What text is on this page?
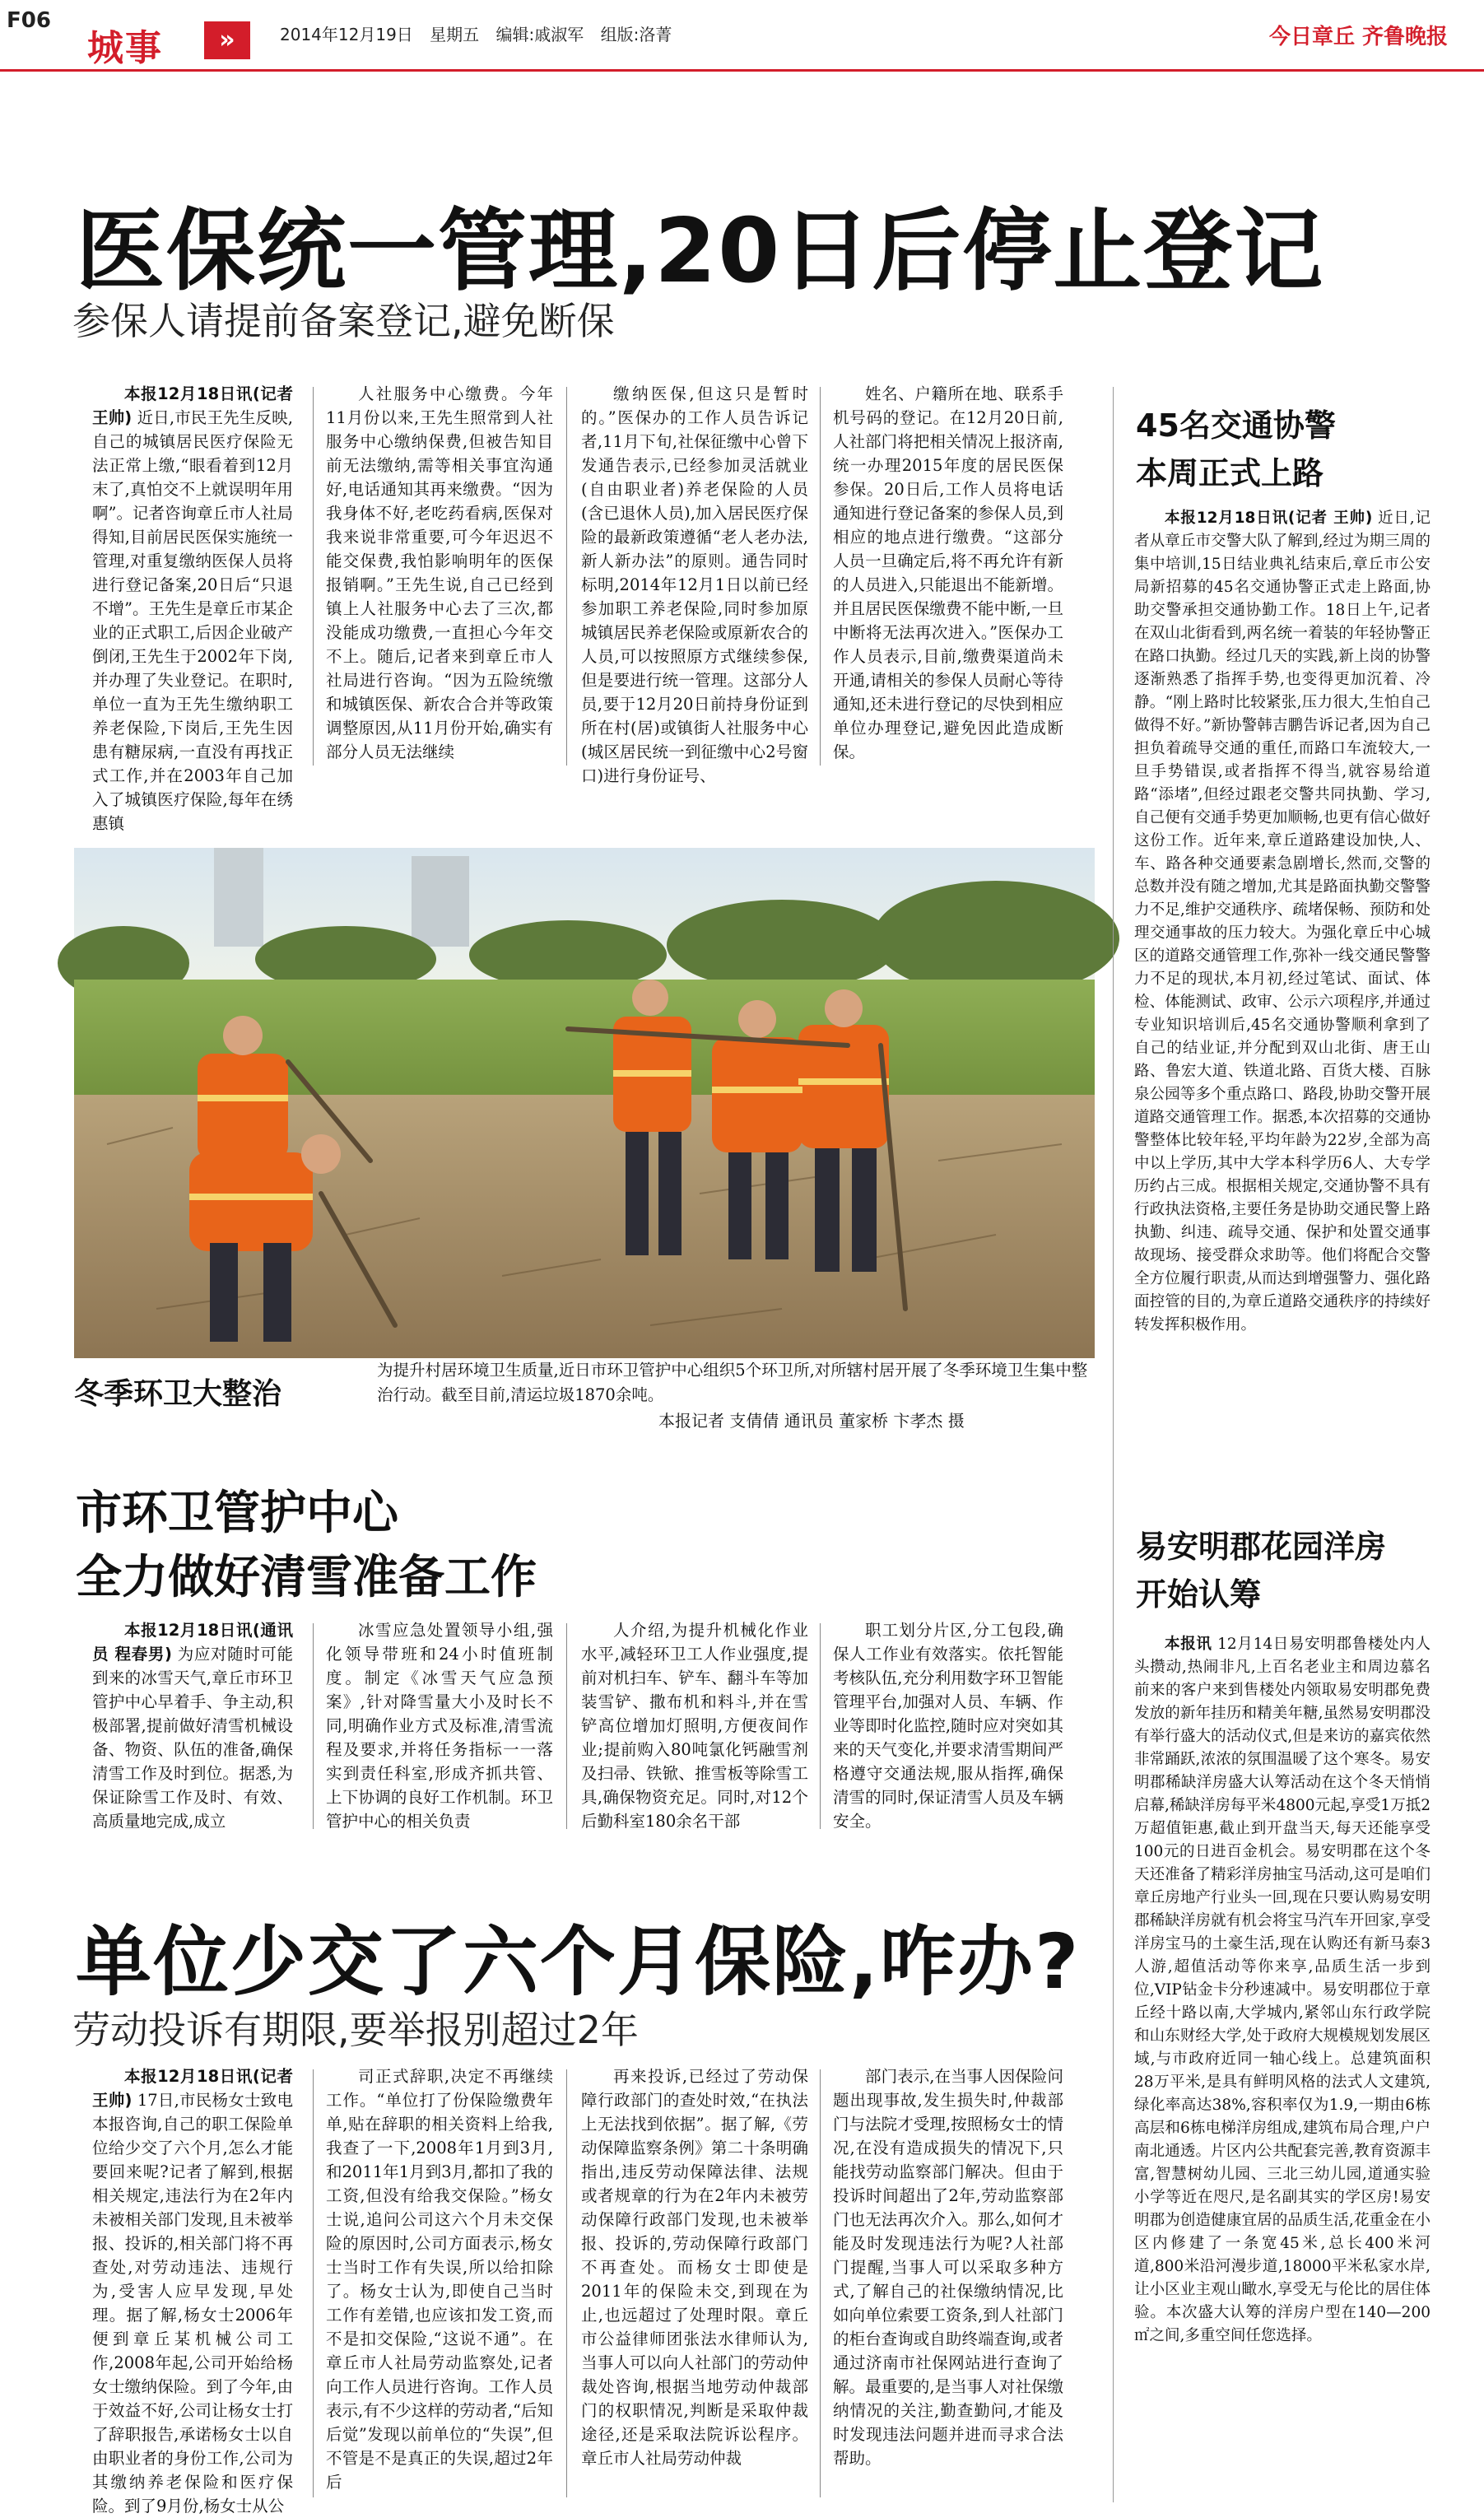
F06
城事	»	2014年12月19日 星期五 编辑:戚淑军 组版:洛菁	今日章丘 齐鲁晚报
医保统一管理,20日后停止登记
参保人请提前备案登记,避免断保

本报12月18日讯(记者 王帅) 近日,市民王先生反映,自己的城镇居民医疗保险无法正常上缴,“眼看着到12月末了,真怕交不上就误明年用啊”。记者咨询章丘市人社局得知,目前居民医保实施统一管理,对重复缴纳医保人员将进行登记备案,20日后“只退不增”。王先生是章丘市某企业的正式职工,后因企业破产倒闭,王先生于2002年下岗,并办理了失业登记。在职时,单位一直为王先生缴纳职工养老保险,下岗后,王先生因患有糖尿病,一直没有再找正式工作,并在2003年自己加入了城镇医疗保险,每年在绣惠镇

人社服务中心缴费。今年11月份以来,王先生照常到人社服务中心缴纳保费,但被告知目前无法缴纳,需等相关事宜沟通好,电话通知其再来缴费。“因为我身体不好,老吃药看病,医保对我来说非常重要,可今年迟迟不能交保费,我怕影响明年的医保报销啊。”王先生说,自己已经到镇上人社服务中心去了三次,都没能成功缴费,一直担心今年交不上。随后,记者来到章丘市人社局进行咨询。“因为五险统缴和城镇医保、新农合合并等政策调整原因,从11月份开始,确实有部分人员无法继续

缴纳医保,但这只是暂时的。”医保办的工作人员告诉记者,11月下旬,社保征缴中心曾下发通告表示,已经参加灵活就业(自由职业者)养老保险的人员(含已退休人员),加入居民医疗保险的最新政策遵循“老人老办法,新人新办法”的原则。通告同时标明,2014年12月1日以前已经参加职工养老保险,同时参加原城镇居民养老保险或原新农合的人员,可以按照原方式继续参保,但是要进行统一管理。这部分人员,要于12月20日前持身份证到所在村(居)或镇街人社服务中心(城区居民统一到征缴中心2号窗口)进行身份证号、

姓名、户籍所在地、联系手机号码的登记。在12月20日前,人社部门将把相关情况上报济南,统一办理2015年度的居民医保参保。20日后,工作人员将电话通知进行登记备案的参保人员,到相应的地点进行缴费。“这部分人员一旦确定后,将不再允许有新的人员进入,只能退出不能新增。并且居民医保缴费不能中断,一旦中断将无法再次进入。”医保办工作人员表示,目前,缴费渠道尚未开通,请相关的参保人员耐心等待通知,还未进行登记的尽快到相应单位办理登记,避免因此造成断保。

冬季环卫大整治
为提升村居环境卫生质量,近日市环卫管护中心组织5个环卫所,对所辖村居开展了冬季环境卫生集中整治行动。截至目前,清运垃圾1870余吨。
本报记者 支倩倩 通讯员 董家桥 卞孝杰 摄
市环卫管护中心
全力做好清雪准备工作

本报12月18日讯(通讯员 程春男) 为应对随时可能到来的冰雪天气,章丘市环卫管护中心早着手、争主动,积极部署,提前做好清雪机械设备、物资、队伍的准备,确保清雪工作及时到位。据悉,为保证除雪工作及时、有效、高质量地完成,成立

冰雪应急处置领导小组,强化领导带班和24小时值班制度。制定《冰雪天气应急预案》,针对降雪量大小及时长不同,明确作业方式及标准,清雪流程及要求,并将任务指标一一落实到责任科室,形成齐抓共管、上下协调的良好工作机制。环卫管护中心的相关负责

人介绍,为提升机械化作业水平,减轻环卫工人作业强度,提前对机扫车、铲车、翻斗车等加装雪铲、撒布机和料斗,并在雪铲高位增加灯照明,方便夜间作业;提前购入80吨氯化钙融雪剂及扫帚、铁锨、推雪板等除雪工具,确保物资充足。同时,对12个后勤科室180余名干部

职工划分片区,分工包段,确保人工作业有效落实。依托智能考核队伍,充分利用数字环卫智能管理平台,加强对人员、车辆、作业等即时化监控,随时应对突如其来的天气变化,并要求清雪期间严格遵守交通法规,服从指挥,确保清雪的同时,保证清雪人员及车辆安全。

单位少交了六个月保险,咋办?
劳动投诉有期限,要举报别超过2年

本报12月18日讯(记者 王帅) 17日,市民杨女士致电本报咨询,自己的职工保险单位给少交了六个月,怎么才能要回来呢?记者了解到,根据相关规定,违法行为在2年内未被相关部门发现,且未被举报、投诉的,相关部门将不再查处,对劳动违法、违规行为,受害人应早发现,早处理。据了解,杨女士2006年便到章丘某机械公司工作,2008年起,公司开始给杨女士缴纳保险。到了今年,由于效益不好,公司让杨女士打了辞职报告,承诺杨女士以自由职业者的身份工作,公司为其缴纳养老保险和医疗保险。到了9月份,杨女士从公

司正式辞职,决定不再继续工作。“单位打了份保险缴费年单,贴在辞职的相关资料上给我,我查了一下,2008年1月到3月,和2011年1月到3月,都扣了我的工资,但没有给我交保险。”杨女士说,追问公司这六个月未交保险的原因时,公司方面表示,杨女士当时工作有失误,所以给扣除了。杨女士认为,即使自己当时工作有差错,也应该扣发工资,而不是扣交保险,“这说不通”。在章丘市人社局劳动监察处,记者向工作人员进行咨询。工作人员表示,有不少这样的劳动者,“后知后觉”发现以前单位的“失误”,但不管是不是真正的失误,超过2年后

再来投诉,已经过了劳动保障行政部门的查处时效,“在执法上无法找到依据”。据了解,《劳动保障监察条例》第二十条明确指出,违反劳动保障法律、法规或者规章的行为在2年内未被劳动保障行政部门发现,也未被举报、投诉的,劳动保障行政部门不再查处。而杨女士即使是2011年的保险未交,到现在为止,也远超过了处理时限。章丘市公益律师团张法水律师认为,当事人可以向人社部门的劳动仲裁处咨询,根据当地劳动仲裁部门的权职情况,判断是采取仲裁途径,还是采取法院诉讼程序。章丘市人社局劳动仲裁

部门表示,在当事人因保险问题出现事故,发生损失时,仲裁部门与法院才受理,按照杨女士的情况,在没有造成损失的情况下,只能找劳动监察部门解决。但由于投诉时间超出了2年,劳动监察部门也无法再次介入。那么,如何才能及时发现违法行为呢?人社部门提醒,当事人可以采取多种方式,了解自己的社保缴纳情况,比如向单位索要工资条,到人社部门的柜台查询或自助终端查询,或者通过济南市社保网站进行查询了解。最重要的,是当事人对社保缴纳情况的关注,勤查勤问,才能及时发现违法问题并进而寻求合法帮助。

45名交通协警
本周正式上路

本报12月18日讯(记者 王帅) 近日,记者从章丘市交警大队了解到,经过为期三周的集中培训,15日结业典礼结束后,章丘市公安局新招募的45名交通协警正式走上路面,协助交警承担交通协勤工作。18日上午,记者在双山北街看到,两名统一着装的年轻协警正在路口执勤。经过几天的实践,新上岗的协警逐渐熟悉了指挥手势,也变得更加沉着、冷静。“刚上路时比较紧张,压力很大,生怕自己做得不好。”新协警韩吉鹏告诉记者,因为自己担负着疏导交通的重任,而路口车流较大,一旦手势错误,或者指挥不得当,就容易给道路“添堵”,但经过跟老交警共同执勤、学习,自己便有交通手势更加顺畅,也更有信心做好这份工作。近年来,章丘道路建设加快,人、车、路各种交通要素急剧增长,然而,交警的总数并没有随之增加,尤其是路面执勤交警警力不足,维护交通秩序、疏堵保畅、预防和处理交通事故的压力较大。为强化章丘中心城区的道路交通管理工作,弥补一线交通民警警力不足的现状,本月初,经过笔试、面试、体检、体能测试、政审、公示六项程序,并通过专业知识培训后,45名交通协警顺利拿到了自己的结业证,并分配到双山北街、唐王山路、鲁宏大道、铁道北路、百货大楼、百脉泉公园等多个重点路口、路段,协助交警开展道路交通管理工作。据悉,本次招募的交通协警整体比较年轻,平均年龄为22岁,全部为高中以上学历,其中大学本科学历6人、大专学历约占三成。根据相关规定,交通协警不具有行政执法资格,主要任务是协助交通民警上路执勤、纠违、疏导交通、保护和处置交通事故现场、接受群众求助等。他们将配合交警全方位履行职责,从而达到增强警力、强化路面控管的目的,为章丘道路交通秩序的持续好转发挥积极作用。

易安明郡花园洋房
开始认筹

本报讯 12月14日易安明郡鲁楼处内人头攒动,热闹非凡,上百名老业主和周边慕名前来的客户来到售楼处内领取易安明郡免费发放的新年挂历和精美年糖,虽然易安明郡没有举行盛大的活动仪式,但是来访的嘉宾依然非常踊跃,浓浓的氛围温暖了这个寒冬。易安明郡稀缺洋房盛大认筹活动在这个冬天悄悄启幕,稀缺洋房每平米4800元起,享受1万抵2万超值钜惠,截止到开盘当天,每天还能享受100元的日进百金机会。易安明郡在这个冬天还准备了精彩洋房抽宝马活动,这可是咱们章丘房地产行业头一回,现在只要认购易安明郡稀缺洋房就有机会将宝马汽车开回家,享受洋房宝马的土豪生活,现在认购还有新马泰3人游,超值活动等你来享,品质生活一步到位,VIP钻金卡分秒速减中。易安明郡位于章丘经十路以南,大学城内,紧邻山东行政学院和山东财经大学,处于政府大规模规划发展区域,与市政府近同一轴心线上。总建筑面积28万平米,是具有鲜明风格的法式人文建筑,绿化率高达38%,容积率仅为1.9,一期由6栋高层和6栋电梯洋房组成,建筑布局合理,户户南北通透。片区内公共配套完善,教育资源丰富,智慧树幼儿园、三北三幼儿园,道通实验小学等近在咫尺,是名副其实的学区房!易安明郡为创造健康宜居的品质生活,花重金在小区内修建了一条宽45米,总长400米河道,800米沿河漫步道,18000平米私家水岸,让小区业主观山瞰水,享受无与伦比的居住体验。本次盛大认筹的洋房户型在140—200㎡之间,多重空间任您选择。
